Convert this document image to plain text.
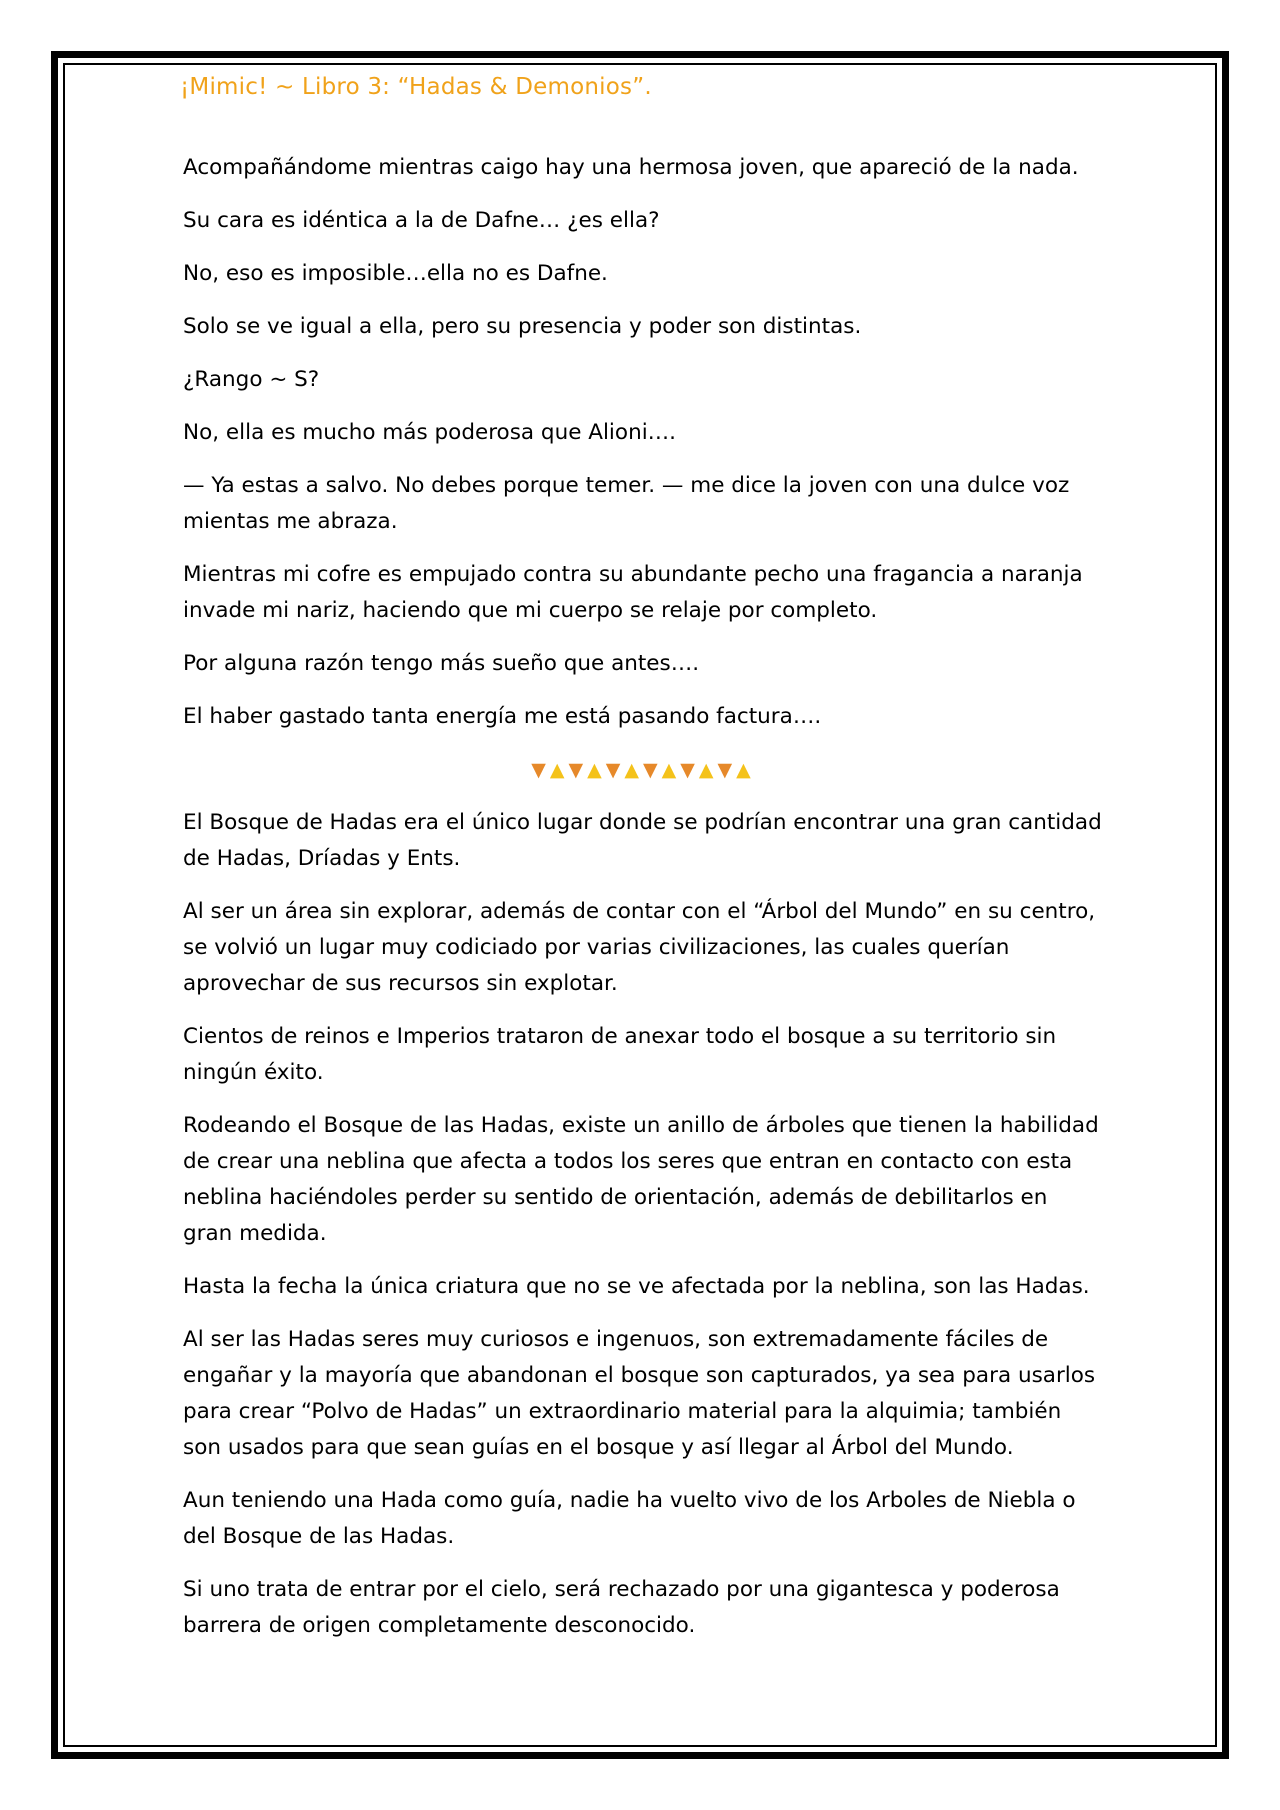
¡Mimic! ~ Libro 3: “Hadas & Demonios”.

Acompañándome mientras caigo hay una hermosa joven, que apareció de la nada.

Su cara es idéntica a la de Dafne… ¿es ella?

No, eso es imposible…ella no es Dafne.

Solo se ve igual a ella, pero su presencia y poder son distintas.

¿Rango ~ S?

No, ella es mucho más poderosa que Alioni….

— Ya estas a salvo. No debes porque temer. — me dice la joven con una dulce voz mientas me abraza.

Mientras mi cofre es empujado contra su abundante pecho una fragancia a naranja invade mi nariz, haciendo que mi cuerpo se relaje por completo.

Por alguna razón tengo más sueño que antes….

El haber gastado tanta energía me está pasando factura….

▼▲▼▲▼▲▼▲▼▲▼▲

El Bosque de Hadas era el único lugar donde se podrían encontrar una gran cantidad de Hadas, Dríadas y Ents.

Al ser un área sin explorar, además de contar con el “Árbol del Mundo” en su centro, se volvió un lugar muy codiciado por varias civilizaciones, las cuales querían aprovechar de sus recursos sin explotar.

Cientos de reinos e Imperios trataron de anexar todo el bosque a su territorio sin ningún éxito.

Rodeando el Bosque de las Hadas, existe un anillo de árboles que tienen la habilidad de crear una neblina que afecta a todos los seres que entran en contacto con esta neblina haciéndoles perder su sentido de orientación, además de debilitarlos en gran medida.

Hasta la fecha la única criatura que no se ve afectada por la neblina, son las Hadas.

Al ser las Hadas seres muy curiosos e ingenuos, son extremadamente fáciles de engañar y la mayoría que abandonan el bosque son capturados, ya sea para usarlos para crear “Polvo de Hadas” un extraordinario material para la alquimia; también son usados para que sean guías en el bosque y así llegar al Árbol del Mundo.

Aun teniendo una Hada como guía, nadie ha vuelto vivo de los Arboles de Niebla o del Bosque de las Hadas.

Si uno trata de entrar por el cielo, será rechazado por una gigantesca y poderosa barrera de origen completamente desconocido.
